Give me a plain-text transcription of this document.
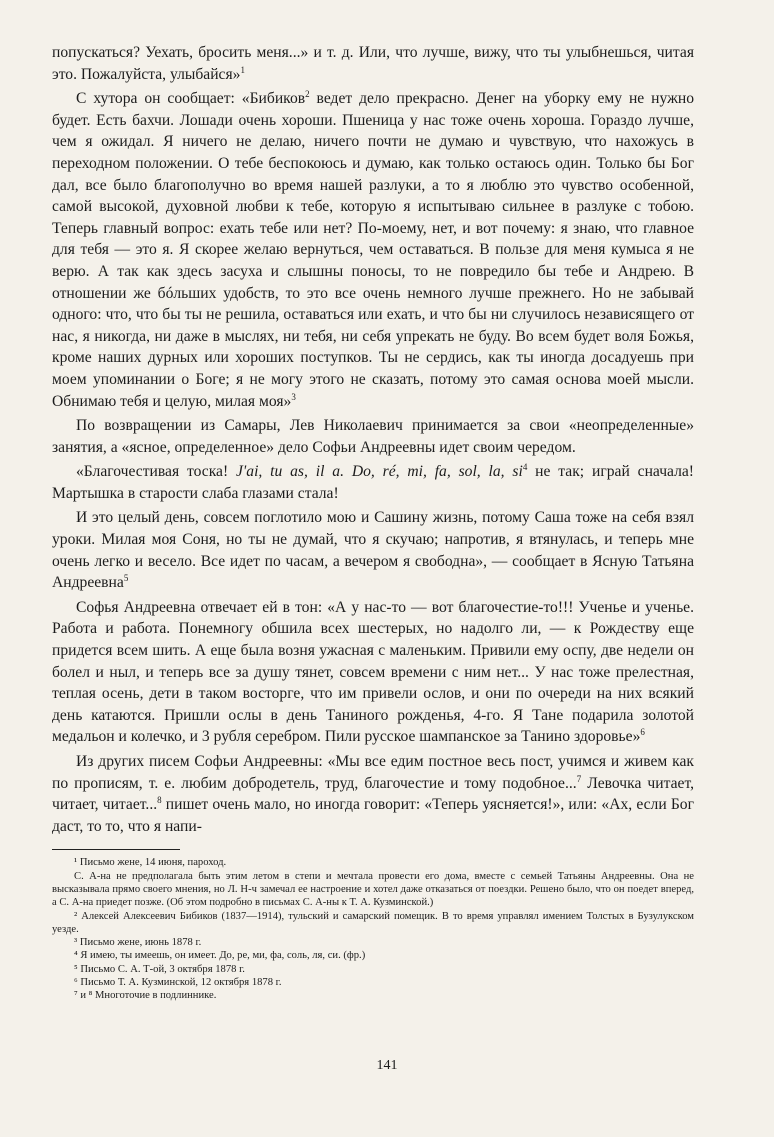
попускаться? Уехать, бросить меня...» и т. д. Или, что лучше, вижу, что ты улыбнешься, читая это. Пожалуйста, улыбайся»$^1$

С хутора он сообщает: «Бибиков$^2$ ведет дело прекрасно. Денег на уборку ему не нужно будет. Есть бахчи. Лошади очень хороши. Пшеница у нас тоже очень хороша. Гораздо лучше, чем я ожидал. Я ничего не делаю, ничего почти не думаю и чувствую, что нахожусь в переходном положении. О тебе беспокоюсь и думаю, как только остаюсь один. Только бы Бог дал, все было благополучно во время нашей разлуки, а то я люблю это чувство особенной, самой высокой, духовной любви к тебе, которую я испытываю сильнее в разлуке с тобою. Теперь главный вопрос: ехать тебе или нет? По-моему, нет, и вот почему: я знаю, что главное для тебя — это я. Я скорее желаю вернуться, чем оставаться. В пользе для меня кумыса я не верю. А так как здесь засуха и слышны поносы, то не повредило бы тебе и Андрею. В отношении же бóльших удобств, то это все очень немного лучше прежнего. Но не забывай одного: что, что бы ты не решила, оставаться или ехать, и что бы ни случилось независящего от нас, я никогда, ни даже в мыслях, ни тебя, ни себя упрекать не буду. Во всем будет воля Божья, кроме наших дурных или хороших поступков. Ты не сердись, как ты иногда досадуешь при моем упоминании о Боге; я не могу этого не сказать, потому это самая основа моей мысли. Обнимаю тебя и целую, милая моя»$^3$

По возвращении из Самары, Лев Николаевич принимается за свои «неопределенные» занятия, а «ясное, определенное» дело Софьи Андреевны идет своим чередом.

«Благочестивая тоска! J'ai, tu as, il a. Do, ré, mi, fa, sol, la, $si^4$ не так; играй сначала! Мартышка в старости слаба глазами стала!

И это целый день, совсем поглотило мою и Сашину жизнь, потому Саша тоже на себя взял уроки. Милая моя Соня, но ты не думай, что я скучаю; напротив, я втянулась, и теперь мне очень легко и весело. Все идет по часам, а вечером я свободна», — сообщает в Ясную Татьяна Андреевна$^5$

Софья Андреевна отвечает ей в тон: «А у нас-то — вот благочестие-то!!! Ученье и ученье. Работа и работа. Понемногу обшила всех шестерых, но надолго ли, — к Рождеству еще придется всем шить. А еще была возня ужасная с маленьким. Привили ему оспу, две недели он болел и ныл, и теперь все за душу тянет, совсем времени с ним нет... У нас тоже прелестная, теплая осень, дети в таком восторге, что им привели ослов, и они по очереди на них всякий день катаются. Пришли ослы в день Таниного рожденья, 4-го. Я Тане подарила золотой медальон и колечко, и 3 рубля серебром. Пили русское шампанское за Танино здоровье»$^6$

Из других писем Софьи Андреевны: «Мы все едим постное весь пост, учимся и живем как по прописям, т. е. любим добродетель, труд, благочестие и тому подобное...$^7$ Левочка читает, читает, читает...$^8$ пишет очень мало, но иногда говорит: «Теперь уясняется!», или: «Ах, если Бог даст, то то, что я напи-

¹ Письмо жене, 14 июня, пароход.

С. А-на не предполагала быть этим летом в степи и мечтала провести его дома, вместе с семьей Татьяны Андреевны. Она не высказывала прямо своего мнения, но Л. Н-ч замечал ее настроение и хотел даже отказаться от поездки. Решено было, что он поедет вперед, а С. А-на приедет позже. (Об этом подробно в письмах С. А-ны к Т. А. Кузминской.)

² Алексей Алексеевич Бибиков (1837—1914), тульский и самарский помещик. В то время управлял имением Толстых в Бузулукском уезде.

³ Письмо жене, июнь 1878 г.

⁴ Я имею, ты имеешь, он имеет. До, ре, ми, фа, соль, ля, си. (фр.)

⁵ Письмо С. А. Т-ой, 3 октября 1878 г.

⁶ Письмо Т. А. Кузминской, 12 октября 1878 г.

⁷ и ⁸ Многоточие в подлиннике.

141
